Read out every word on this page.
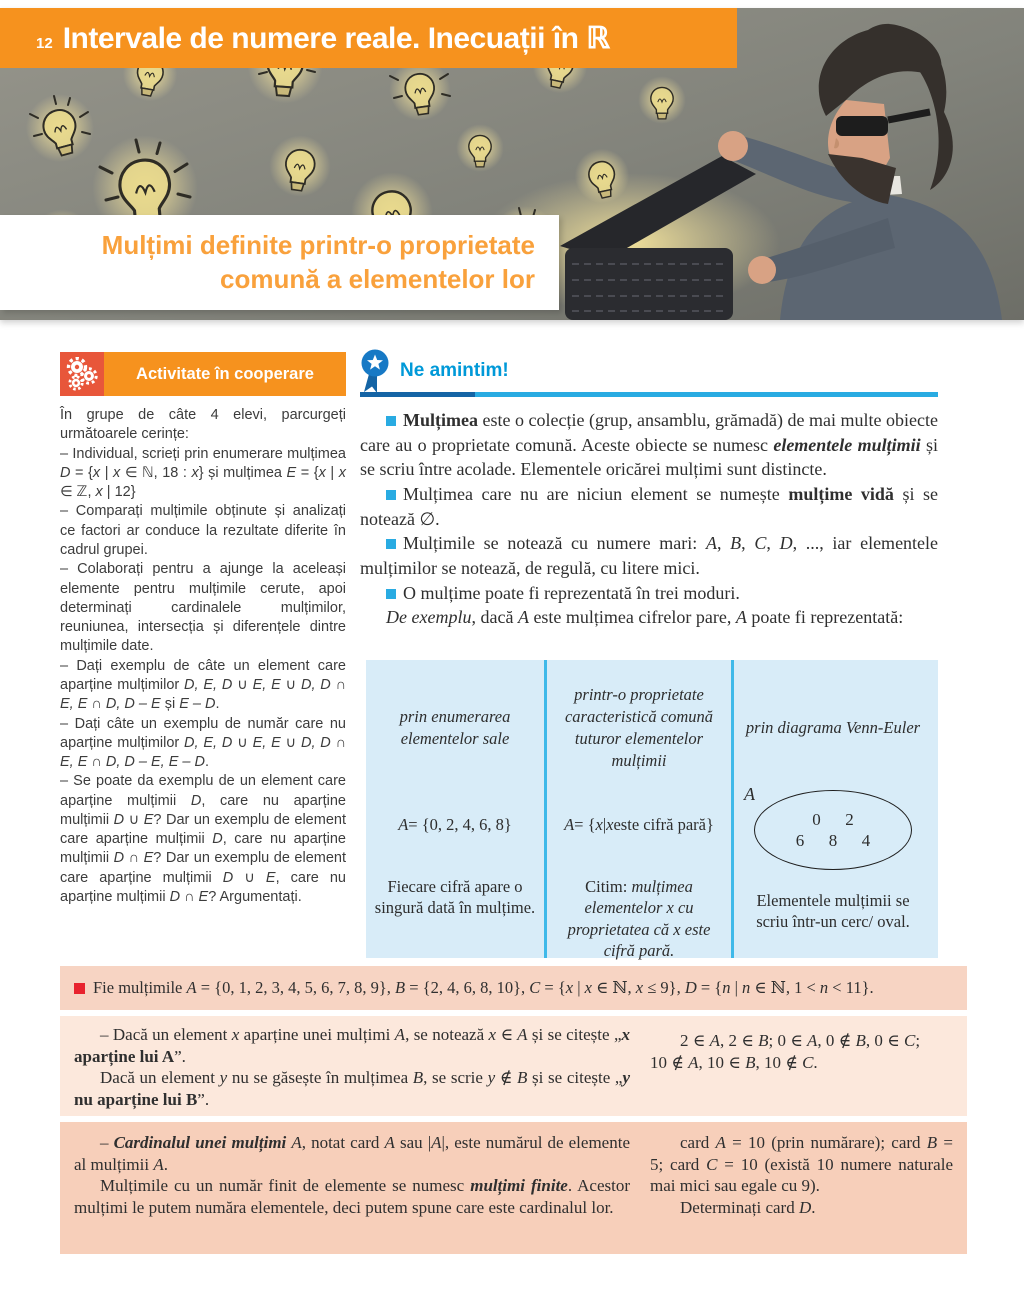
12 Intervale de numere reale. Inecuații în ℝ
Mulțimi definite printr-o proprietate
comună a elementelor lor
Activitate în cooperare

În grupe de câte 4 elevi, parcurgeți următoarele cerințe:

– Individual, scrieți prin enumerare mulțimea D = {x | x ∈ ℕ, 18 : x} și mulțimea E = {x | x ∈ ℤ, x | 12}

– Comparați mulțimile obținute și analizați ce factori ar conduce la rezultate diferite în cadrul grupei.

– Colaborați pentru a ajunge la aceleași elemente pentru mulțimile cerute, apoi determinați cardinalele mulțimilor, reuniunea, intersecția și diferențele dintre mulțimile date.

– Dați exemplu de câte un element care aparține mulțimilor D, E, D ∪ E, E ∪ D, D ∩ E, E ∩ D, D – E și E – D.

– Dați câte un exemplu de număr care nu aparține mulțimilor D, E, D ∪ E, E ∪ D, D ∩ E, E ∩ D, D – E, E – D.

– Se poate da exemplu de un element care aparține mulțimii D, care nu aparține mulțimii D ∪ E? Dar un exemplu de element care aparține mulțimii D, care nu aparține mulțimii D ∩ E? Dar un exemplu de element care aparține mulțimii D ∪ E, care nu aparține mulțimii D ∩ E? Argumentați.

Ne amintim!

Mulțimea este o colecție (grup, ansamblu, grămadă) de mai multe obiecte care au o proprietate comună. Aceste obiecte se numesc elementele mulțimii și se scriu între acolade. Elementele oricărei mulțimi sunt distincte.

Mulțimea care nu are niciun element se numește mulțime vidă și se notează ∅.

Mulțimile se notează cu numere mari: A, B, C, D, ..., iar elementele mulțimilor se notează, de regulă, cu litere mici.

O mulțime poate fi reprezentată în trei moduri.

De exemplu, dacă A este mulțimea cifrelor pare, A poate fi reprezentată:

prin enumerarea elementelor sale
A = {0, 2, 4, 6, 8}
Fiecare cifră apare o singură dată în mulțime.
printr-o proprietate caracteristică comună tuturor elementelor mulțimii
A = { x | x este cifră pară}
Citim: mulțimea elementelor x cu proprietatea că x este cifră pară.
prin diagrama Venn-Euler
A
0  2
6  8  4
Elementele mulțimii se scriu într-un cerc/ oval.
Fie mulțimile A = {0, 1, 2, 3, 4, 5, 6, 7, 8, 9}, B = {2, 4, 6, 8, 10}, C = {x | x ∈ ℕ, x ≤ 9}, D = {n | n ∈ ℕ, 1 < n < 11}.

– Dacă un element x aparține unei mulțimi A, se notează x ∈ A și se citește „x aparține lui A”.

Dacă un element y nu se găsește în mulțimea B, se scrie y ∉ B și se citește „y nu aparține lui B”.

2 ∈ A, 2 ∈ B; 0 ∈ A, 0 ∉ B, 0 ∈ C;

10 ∉ A, 10 ∈ B, 10 ∉ C.

– Cardinalul unei mulțimi A, notat card A sau |A|, este numărul de elemente al mulțimii A.

Mulțimile cu un număr finit de elemente se numesc mulțimi finite. Acestor mulțimi le putem număra elementele, deci putem spune care este cardinalul lor.

card A = 10 (prin numărare); card B = 5; card C = 10 (există 10 numere naturale mai mici sau egale cu 9).

Determinați card D.
